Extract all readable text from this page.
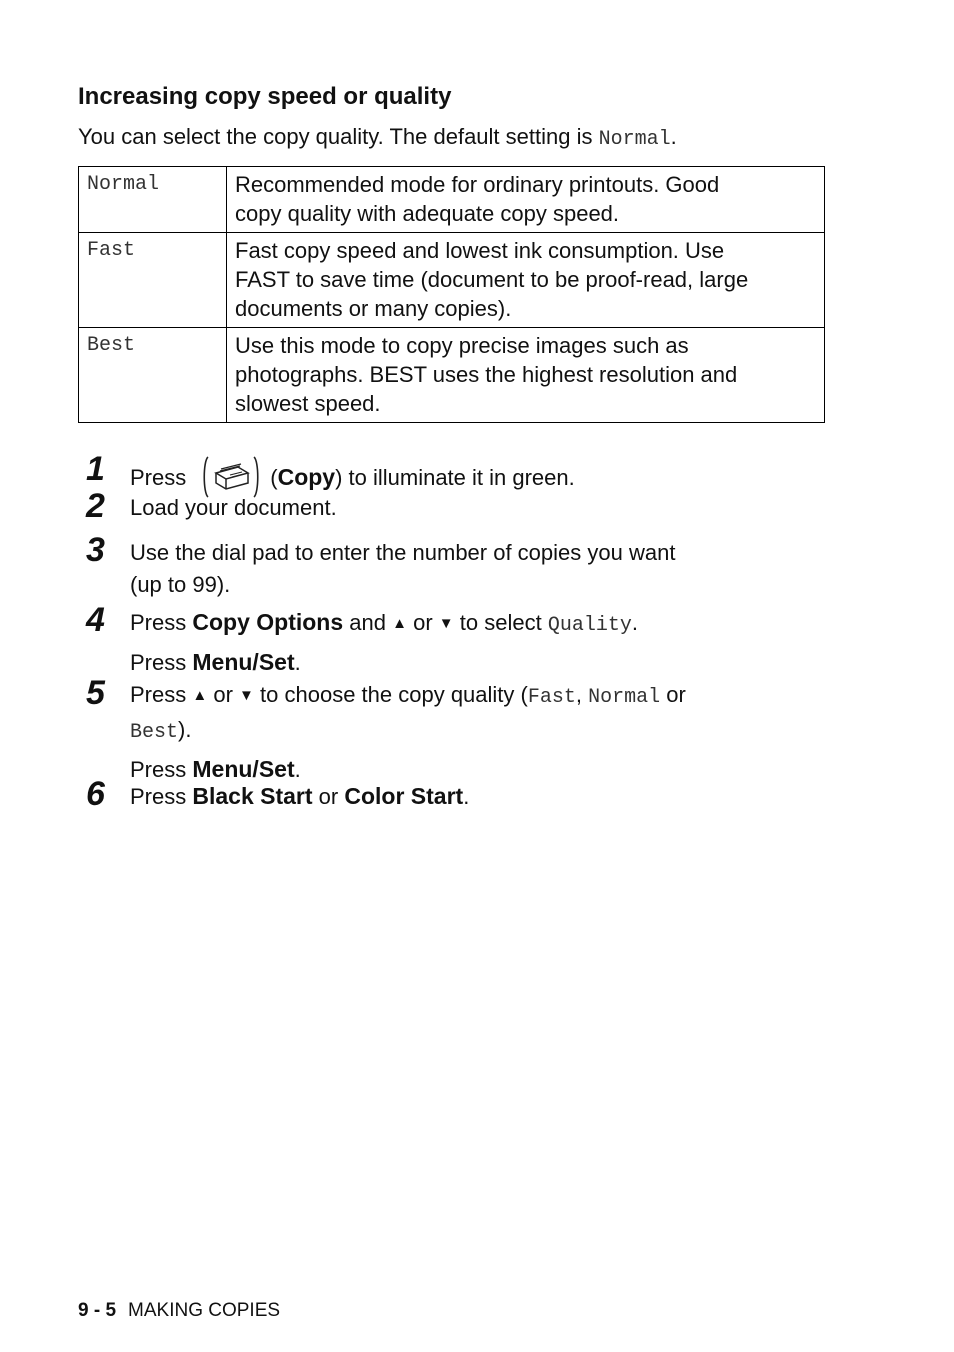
Increasing copy speed or quality
You can select the copy quality. The default setting is Normal.
Normal	Recommended mode for ordinary printouts. Good
copy quality with adequate copy speed.

Fast	Fast copy speed and lowest ink consumption. Use
FAST to save time (document to be proof-read, large
documents or many copies).

Best	Use this mode to copy precise images such as
photographs. BEST uses the highest resolution and
slowest speed.
1	Press	(Copy) to illuminate it in green.
2	Load your document.
3	Use the dial pad to enter the number of copies you want
(up to 99).
4	Press Copy Options and ▲ or ▼ to select Quality.
Press Menu/Set.
5	Press ▲ or ▼ to choose the copy quality (Fast, Normal or
Best).
Press Menu/Set.
6	Press Black Start or Color Start.
9 - 5 MAKING COPIES
